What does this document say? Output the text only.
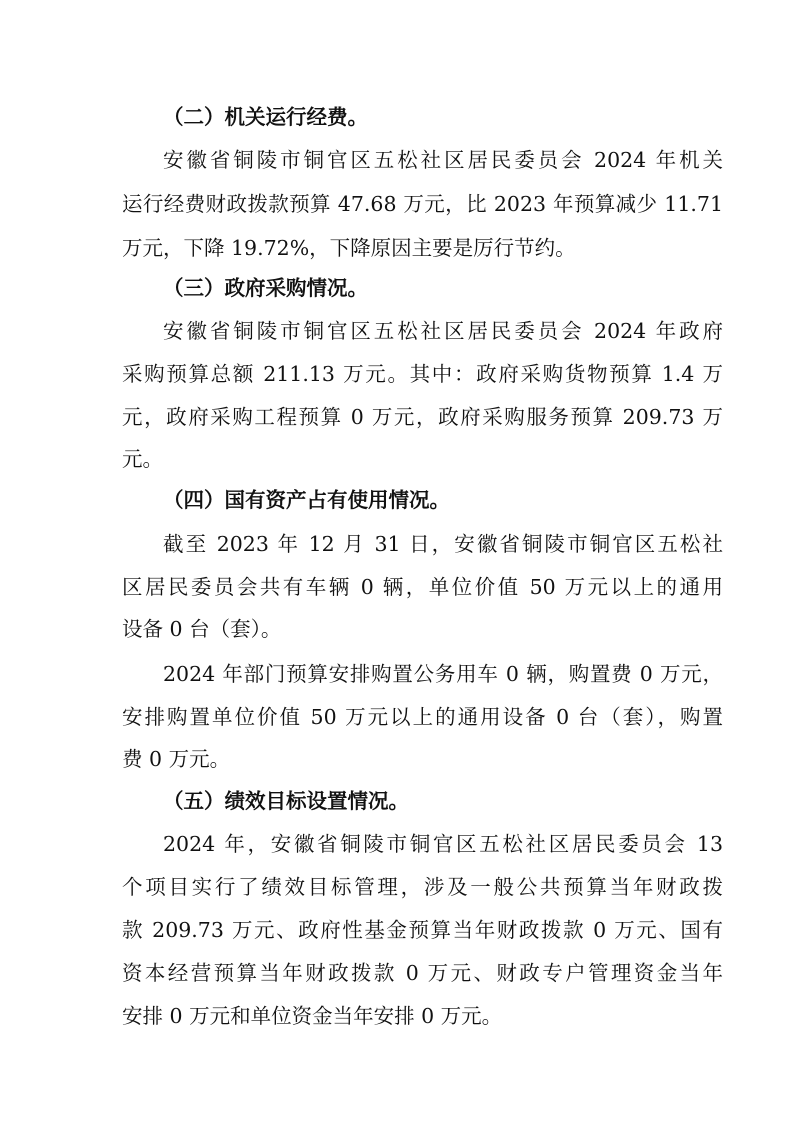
（二）机关运行经费。
安徽省铜陵市铜官区五松社区居民委员会 2024 年机关
运行经费财政拨款预算 47.68 万元，比 2023 年预算减少 11.71
万元，下降 19.72%，下降原因主要是厉行节约。
（三）政府采购情况。
安徽省铜陵市铜官区五松社区居民委员会 2024 年政府
采购预算总额 211.13 万元。其中：政府采购货物预算 1.4 万
元，政府采购工程预算 0 万元，政府采购服务预算 209.73 万
元。
（四）国有资产占有使用情况。
截至 2023 年 12 月 31 日，安徽省铜陵市铜官区五松社
区居民委员会共有车辆 0 辆，单位价值 50 万元以上的通用
设备 0 台（套）。
2024 年部门预算安排购置公务用车 0 辆，购置费 0 万元，
安排购置单位价值 50 万元以上的通用设备 0 台（套），购置
费 0 万元。
（五）绩效目标设置情况。
2024 年，安徽省铜陵市铜官区五松社区居民委员会 13
个项目实行了绩效目标管理，涉及一般公共预算当年财政拨
款 209.73 万元、政府性基金预算当年财政拨款 0 万元、国有
资本经营预算当年财政拨款 0 万元、财政专户管理资金当年
安排 0 万元和单位资金当年安排 0 万元。
